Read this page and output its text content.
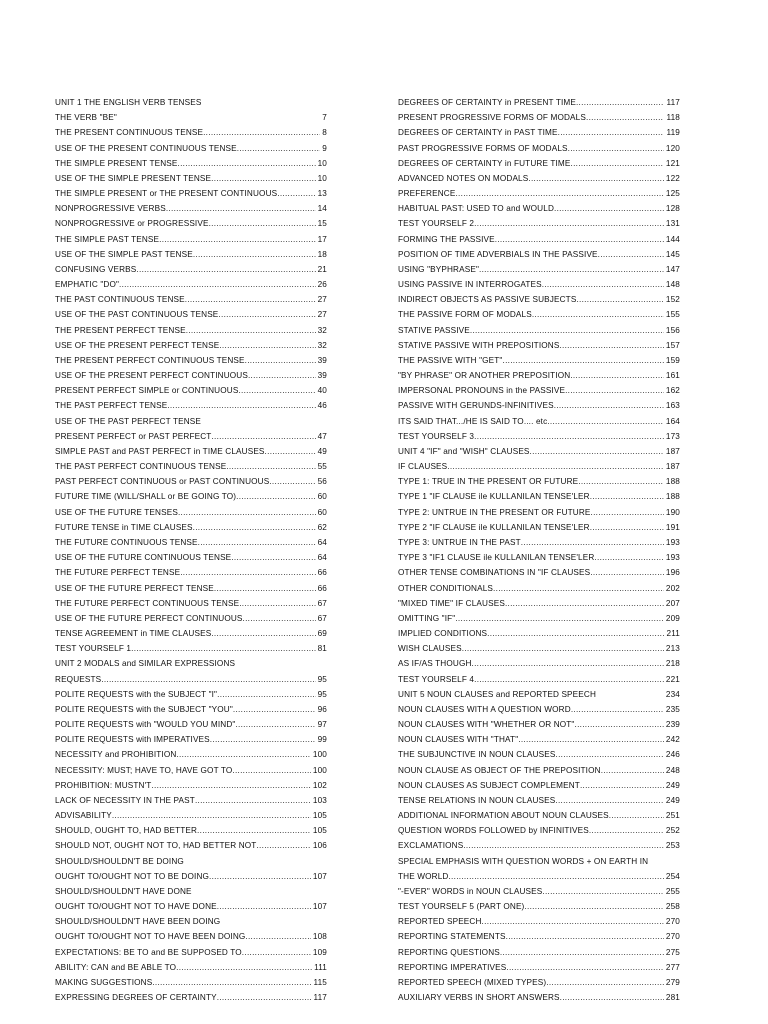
UNIT 1 THE ENGLISH VERB TENSES
THE VERB "BE"	7
THE PRESENT CONTINUOUS TENSE .....	8
USE OF THE PRESENT CONTINUOUS TENSE .....	9
THE SIMPLE PRESENT TENSE .....	10
USE OF THE SIMPLE PRESENT TENSE .....	10
THE SIMPLE PRESENT or THE PRESENT CONTINUOUS .....	13
NONPROGRESSIVE VERBS .....	14
NONPROGRESSIVE or PROGRESSIVE .....	15
THE SIMPLE PAST TENSE .....	17
USE OF THE SIMPLE PAST TENSE .....	18
CONFUSING VERBS .....	21
EMPHATIC "DO" .....	26
THE PAST CONTINUOUS TENSE .....	27
USE OF THE PAST CONTINUOUS TENSE .....	27
THE PRESENT PERFECT TENSE .....	32
USE OF THE PRESENT PERFECT TENSE .....	32
THE PRESENT PERFECT CONTINUOUS TENSE .....	39
USE OF THE PRESENT PERFECT CONTINUOUS .....	39
PRESENT PERFECT SIMPLE or CONTINUOUS .....	40
THE PAST PERFECT TENSE .....	46
USE OF THE PAST PERFECT TENSE
PRESENT PERFECT or PAST PERFECT .....	47
SIMPLE PAST and PAST PERFECT in TIME CLAUSES .....	49
THE PAST PERFECT CONTINUOUS TENSE .....	55
PAST PERFECT CONTINUOUS or PAST CONTINUOUS .....	56
FUTURE TIME (WILL/SHALL or BE GOING TO) .....	60
USE OF THE FUTURE TENSES .....	60
FUTURE TENSE in TIME CLAUSES .....	62
THE FUTURE CONTINUOUS TENSE .....	64
USE OF THE FUTURE CONTINUOUS TENSE .....	64
THE FUTURE PERFECT TENSE .....	66
USE OF THE FUTURE PERFECT TENSE .....	66
THE FUTURE PERFECT CONTINUOUS TENSE .....	67
USE OF THE FUTURE PERFECT CONTINUOUS .....	67
TENSE AGREEMENT in TIME CLAUSES .....	69
TEST YOURSELF 1 .....	81
UNIT 2 MODALS and SIMILAR EXPRESSIONS
REQUESTS .....	95
POLITE REQUESTS with the SUBJECT "I" .....	95
POLITE REQUESTS with the SUBJECT "YOU" .....	96
POLITE REQUESTS with "WOULD YOU MIND" .....	97
POLITE REQUESTS with IMPERATIVES .....	99
NECESSITY and PROHIBITION .....	100
NECESSITY: MUST; HAVE TO, HAVE GOT TO .....	100
PROHIBITION: MUSTN'T .....	102
LACK OF NECESSITY IN THE PAST .....	103
ADVISABILITY .....	105
SHOULD, OUGHT TO, HAD BETTER .....	105
SHOULD NOT, OUGHT NOT TO, HAD BETTER NOT .....	106
SHOULD/SHOULDN'T BE DOING
OUGHT TO/OUGHT NOT TO BE DOING .....	107
SHOULD/SHOULDN'T HAVE DONE
OUGHT TO/OUGHT NOT TO HAVE DONE .....	107
SHOULD/SHOULDN'T HAVE BEEN DOING
OUGHT TO/OUGHT NOT TO HAVE BEEN DOING .....	108
EXPECTATIONS: BE TO and BE SUPPOSED TO .....	109
ABILITY: CAN and BE ABLE TO .....	111
MAKING SUGGESTIONS .....	115
EXPRESSING DEGREES OF CERTAINTY .....	117
DEGREES OF CERTAINTY in PRESENT TIME .....	117
PRESENT PROGRESSIVE FORMS OF MODALS .....	118
DEGREES OF CERTAINTY in PAST TIME .....	119
PAST PROGRESSIVE FORMS OF MODALS .....	120
DEGREES OF CERTAINTY in FUTURE TIME .....	121
ADVANCED NOTES ON MODALS .....	122
PREFERENCE .....	125
HABITUAL PAST: USED TO and WOULD .....	128
TEST YOURSELF 2 .....	131
FORMING THE PASSIVE .....	144
POSITION OF TIME ADVERBIALS IN THE PASSIVE .....	145
USING "BYPHRASE" .....	147
USING PASSIVE IN INTERROGATES .....	148
INDIRECT OBJECTS AS PASSIVE SUBJECTS .....	152
THE PASSIVE FORM OF MODALS .....	155
STATIVE PASSIVE .....	156
STATIVE PASSIVE WITH PREPOSITIONS .....	157
THE PASSIVE WITH "GET" .....	159
"BY PHRASE" OR ANOTHER PREPOSITION .....	161
IMPERSONAL PRONOUNS in the PASSIVE .....	162
PASSIVE WITH GERUNDS-INFINITIVES .....	163
ITS SAID THAT.../HE IS SAID TO.... etc .....	164
TEST YOURSELF 3 .....	173
UNIT 4 "IF" and "WISH" CLAUSES .....	187
IF CLAUSES .....	187
TYPE 1: TRUE IN THE PRESENT OR FUTURE .....	188
TYPE 1 "IF CLAUSE ile KULLANILAN TENSE'LER .....	188
TYPE 2: UNTRUE IN THE PRESENT OR FUTURE .....	190
TYPE 2 "IF CLAUSE ile KULLANILAN TENSE'LER .....	191
TYPE 3: UNTRUE IN THE PAST .....	193
TYPE 3 "IF1 CLAUSE ile KULLANILAN TENSE'LER .....	193
OTHER TENSE COMBINATIONS IN "IF CLAUSES .....	196
OTHER CONDITIONALS .....	202
"MIXED TIME" IF CLAUSES .....	207
OMITTING "IF" .....	209
IMPLIED CONDITIONS .....	211
WISH CLAUSES .....	213
AS IF/AS THOUGH .....	218
TEST YOURSELF 4 .....	221
UNIT 5 NOUN CLAUSES and REPORTED SPEECH	234
NOUN CLAUSES WITH A QUESTION WORD .....	235
NOUN CLAUSES WITH "WHETHER OR NOT" .....	239
NOUN CLAUSES WITH "THAT" .....	242
THE SUBJUNCTIVE IN NOUN CLAUSES .....	246
NOUN CLAUSE AS OBJECT OF THE PREPOSITION .....	248
NOUN CLAUSES AS SUBJECT COMPLEMENT .....	249
TENSE RELATIONS IN NOUN CLAUSES .....	249
ADDITIONAL INFORMATION ABOUT NOUN CLAUSES .....	251
QUESTION WORDS FOLLOWED by INFINITIVES .....	252
EXCLAMATIONS .....	253
SPECIAL EMPHASIS WITH QUESTION WORDS + ON EARTH IN
THE WORLD .....	254
"-EVER" WORDS in NOUN CLAUSES .....	255
TEST YOURSELF 5 (PART ONE) .....	258
REPORTED SPEECH .....	270
REPORTING STATEMENTS .....	270
REPORTING QUESTIONS .....	275
REPORTING IMPERATIVES .....	277
REPORTED SPEECH (MIXED TYPES) .....	279
AUXILIARY VERBS IN SHORT ANSWERS .....	281
